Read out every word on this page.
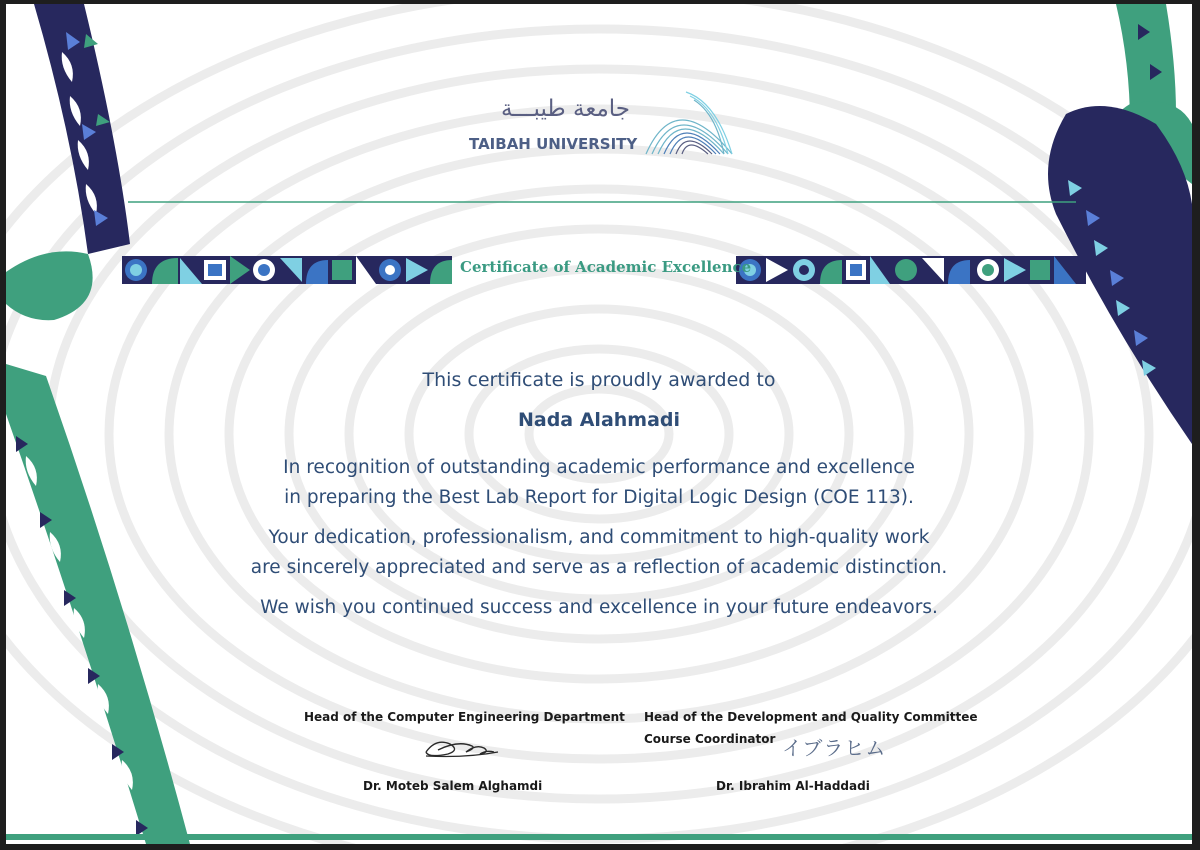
جامعة طيبـــة
TAIBAH UNIVERSITY
Certificate of Academic Excellence
This certificate is proudly awarded to
Nada Alahmadi
In recognition of outstanding academic performance and excellence
in preparing the Best Lab Report for Digital Logic Design (COE 113).
Your dedication, professionalism, and commitment to high-quality work
are sincerely appreciated and serve as a reflection of academic distinction.
We wish you continued success and excellence in your future endeavors.
Head of the Computer Engineering Department
Dr. Moteb Salem Alghamdi
Head of the Development and Quality Committee
Course Coordinator イブラヒム
Dr. Ibrahim Al-Haddadi
